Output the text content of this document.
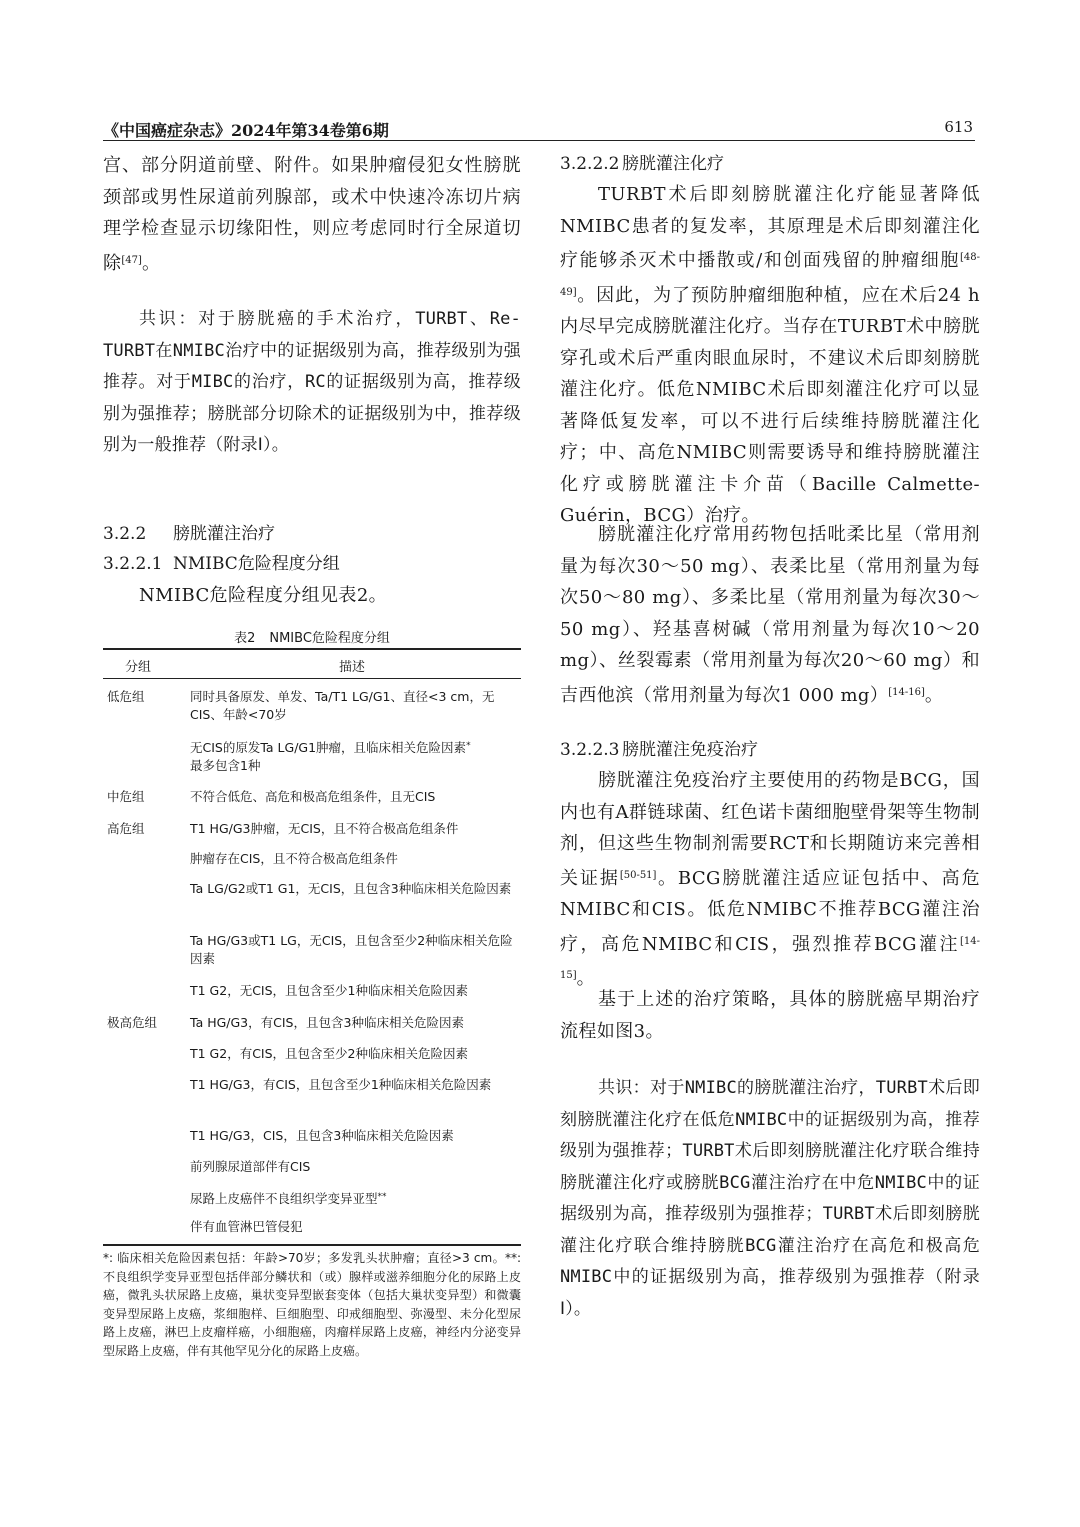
《中国癌症杂志》2024年第34卷第6期	613
宫、部分阴道前壁、附件。如果肿瘤侵犯女性膀胱颈部或男性尿道前列腺部，或术中快速冷冻切片病理学检查显示切缘阳性，则应考虑同时行全尿道切除[47]。
共识：对于膀胱癌的手术治疗，TURBT、Re-TURBT在NMIBC治疗中的证据级别为高，推荐级别为强推荐。对于MIBC的治疗，RC的证据级别为高，推荐级别为强推荐；膀胱部分切除术的证据级别为中，推荐级别为一般推荐（附录Ⅰ）。
3.2.2 膀胱灌注治疗
3.2.2.1 NMIBC危险程度分组
NMIBC危险程度分组见表2。
表2 NMIBC危险程度分组
分组	描述
低危组	同时具备原发、单发、Ta/T1 LG/G1、直径<3 cm，无CIS、年龄<70岁
无CIS的原发Ta LG/G1肿瘤，且临床相关危险因素*
最多包含1种
中危组	不符合低危、高危和极高危组条件，且无CIS
高危组	T1 HG/G3肿瘤，无CIS，且不符合极高危组条件
肿瘤存在CIS，且不符合极高危组条件
Ta LG/G2或T1 G1，无CIS，且包含3种临床相关危险因素
Ta HG/G3或T1 LG，无CIS，且包含至少2种临床相关危险因素
T1 G2，无CIS，且包含至少1种临床相关危险因素
极高危组	Ta HG/G3，有CIS，且包含3种临床相关危险因素
T1 G2，有CIS，且包含至少2种临床相关危险因素
T1 HG/G3，有CIS，且包含至少1种临床相关危险因素
T1 HG/G3，CIS，且包含3种临床相关危险因素
前列腺尿道部伴有CIS
尿路上皮癌伴不良组织学变异亚型**
伴有血管淋巴管侵犯
*: 临床相关危险因素包括：年龄>70岁；多发乳头状肿瘤；直径>3 cm。**: 不良组织学变异亚型包括伴部分鳞状和（或）腺样或滋养细胞分化的尿路上皮癌，微乳头状尿路上皮癌，巢状变异型嵌套变体（包括大巢状变异型）和微囊变异型尿路上皮癌，浆细胞样、巨细胞型、印戒细胞型、弥漫型、未分化型尿路上皮癌，淋巴上皮瘤样癌，小细胞癌，肉瘤样尿路上皮癌，神经内分泌变异型尿路上皮癌，伴有其他罕见分化的尿路上皮癌。
3.2.2.2 膀胱灌注化疗
TURBT术后即刻膀胱灌注化疗能显著降低NMIBC患者的复发率，其原理是术后即刻灌注化疗能够杀灭术中播散或/和创面残留的肿瘤细胞[48-49]。因此，为了预防肿瘤细胞种植，应在术后24 h内尽早完成膀胱灌注化疗。当存在TURBT术中膀胱穿孔或术后严重肉眼血尿时，不建议术后即刻膀胱灌注化疗。低危NMIBC术后即刻灌注化疗可以显著降低复发率，可以不进行后续维持膀胱灌注化疗；中、高危NMIBC则需要诱导和维持膀胱灌注化疗或膀胱灌注卡介苗（Bacille Calmette-Guérin，BCG）治疗。
膀胱灌注化疗常用药物包括吡柔比星（常用剂量为每次30～50 mg）、表柔比星（常用剂量为每次50～80 mg）、多柔比星（常用剂量为每次30～50 mg）、羟基喜树碱（常用剂量为每次10～20 mg）、丝裂霉素（常用剂量为每次20～60 mg）和吉西他滨（常用剂量为每次1 000 mg）[14-16]。
3.2.2.3 膀胱灌注免疫治疗
膀胱灌注免疫治疗主要使用的药物是BCG，国内也有A群链球菌、红色诺卡菌细胞壁骨架等生物制剂，但这些生物制剂需要RCT和长期随访来完善相关证据[50-51]。BCG膀胱灌注适应证包括中、高危NMIBC和CIS。低危NMIBC不推荐BCG灌注治疗，高危NMIBC和CIS，强烈推荐BCG灌注[14-15]。
基于上述的治疗策略，具体的膀胱癌早期治疗流程如图3。
共识：对于NMIBC的膀胱灌注治疗，TURBT术后即刻膀胱灌注化疗在低危NMIBC中的证据级别为高，推荐级别为强推荐；TURBT术后即刻膀胱灌注化疗联合维持膀胱灌注化疗或膀胱BCG灌注治疗在中危NMIBC中的证据级别为高，推荐级别为强推荐；TURBT术后即刻膀胱灌注化疗联合维持膀胱BCG灌注治疗在高危和极高危NMIBC中的证据级别为高，推荐级别为强推荐（附录Ⅰ）。
